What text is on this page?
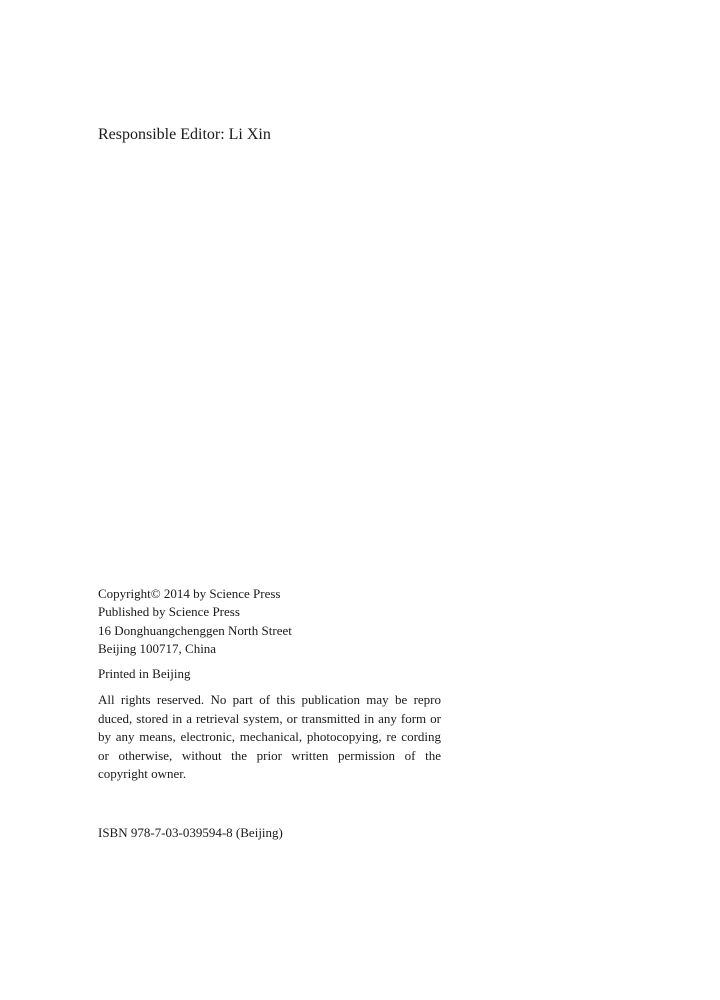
Responsible Editor: Li Xin
Copyright© 2014 by Science Press
Published by Science Press
16 Donghuangchenggen North Street
Beijing 100717, China
Printed in Beijing
All rights reserved. No part of this publication may be repro duced, stored in a retrieval system, or transmitted in any form or by any means, electronic, mechanical, photocopying, re cording or otherwise, without the prior written permission of the copyright owner.
ISBN 978-7-03-039594-8 (Beijing)
